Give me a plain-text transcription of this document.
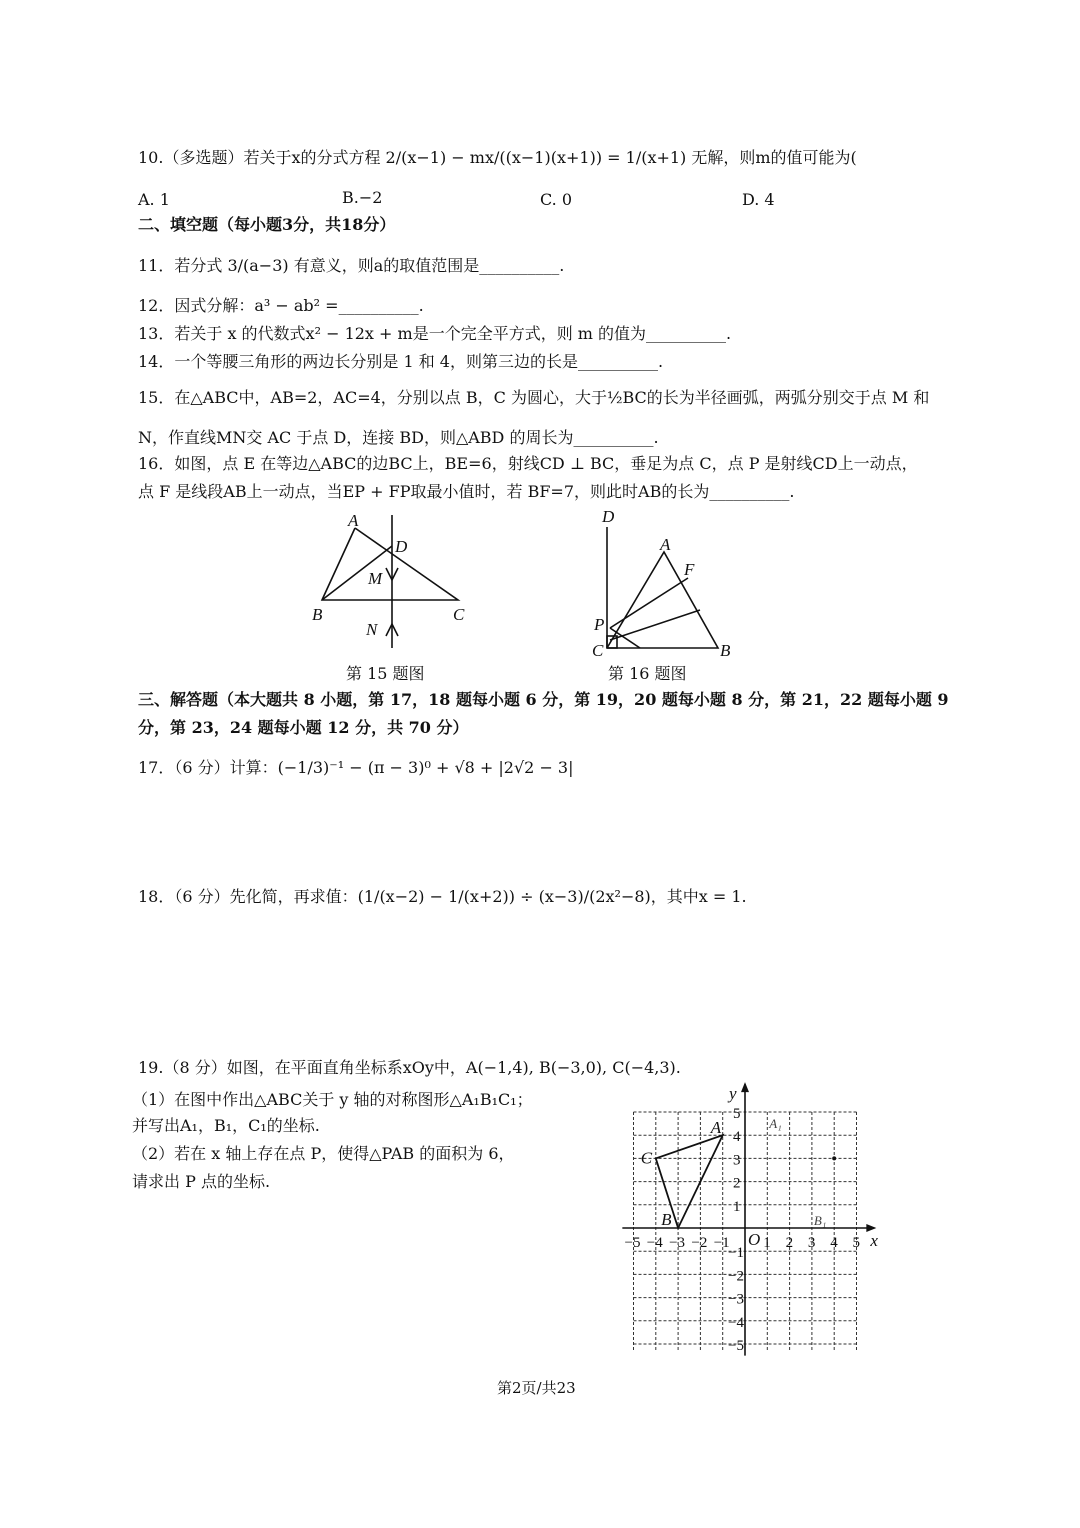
10.（多选题）若关于x的分式方程 2/(x−1) − mx/((x−1)(x+1)) = 1/(x+1) 无解，则m的值可能为(
A. 1	B.−2	C. 0	D. 4
二、填空题（每小题3分，共18分）
11．若分式 3/(a−3) 有意义，则a的取值范围是__________.
12．因式分解：a³ − ab² =__________.
13．若关于 x 的代数式x² − 12x + m是一个完全平方式，则 m 的值为__________.
14．一个等腰三角形的两边长分别是 1 和 4，则第三边的长是__________.
15．在△ABC中，AB=2，AC=4，分别以点 B，C 为圆心，大于½BC的长为半径画弧，两弧分别交于点 M 和
N，作直线MN交 AC 于点 D，连接 BD，则△ABD 的周长为__________.
16．如图，点 E 在等边△ABC的边BC上，BE=6，射线CD ⊥ BC，垂足为点 C，点 P 是射线CD上一动点，
点 F 是线段AB上一动点，当EP + FP取最小值时，若 BF=7，则此时AB的长为__________.
A
B	C
D
M
N
D
A
F
P
C	B
第 15 题图	第 16 题图
三、解答题（本大题共 8 小题，第 17，18 题每小题 6 分，第 19，20 题每小题 8 分，第 21，22 题每小题 9
分，第 23，24 题每小题 12 分，共 70 分）
17．（6 分）计算：(−1/3)⁻¹ − (π − 3)⁰ + √8 + |2√2 − 3|
18．（6 分）先化简，再求值：(1/(x−2) − 1/(x+2)) ÷ (x−3)/(2x²−8)，其中x = 1.
19.（8 分）如图，在平面直角坐标系xOy中，A(−1,4), B(−3,0), C(−4,3).
（1）在图中作出△ABC关于 y 轴的对称图形△A₁B₁C₁；
并写出A₁，B₁，C₁的坐标.
（2）若在 x 轴上存在点 P，使得△PAB 的面积为 6，
请求出 P 点的坐标.
−5
−5
−4
−4
−3
−3
−2
−2
−1
−1
1
1
2
2
3
3
4
4
5
5
O	x
y
A
B
C
A₁
B₁
第2页/共23
